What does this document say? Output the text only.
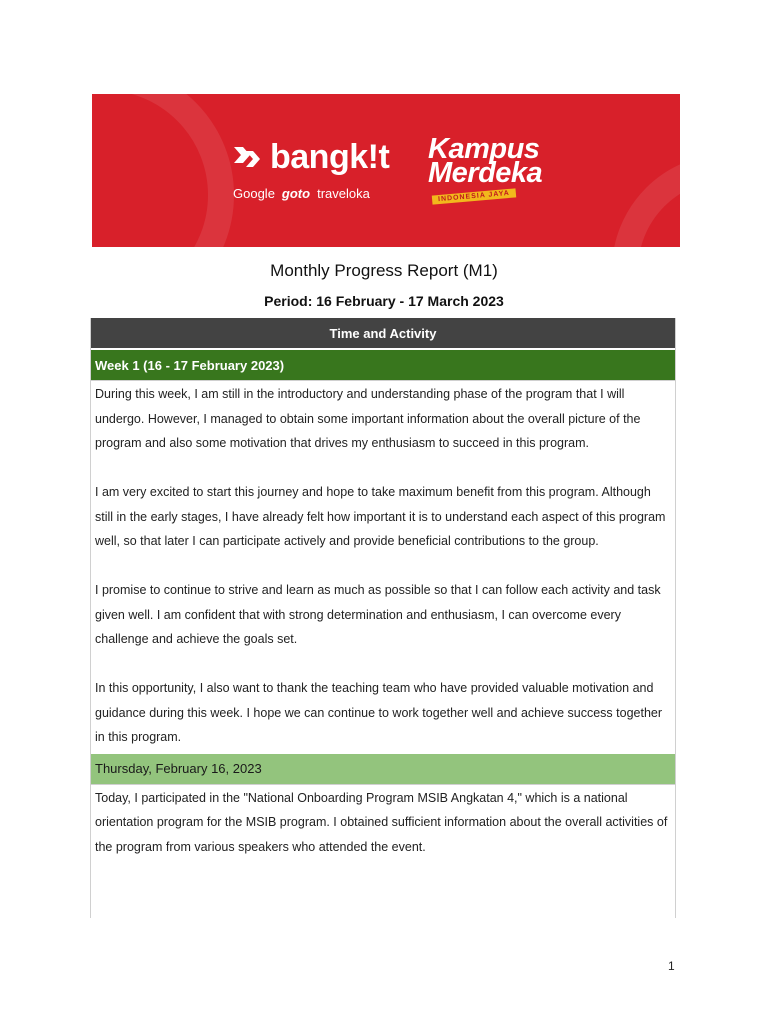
bangk!t
Google goto traveloka
Kampus
Merdeka
INDONESIA JAYA
Monthly Progress Report (M1)
Period: 16 February - 17 March 2023
Time and Activity
Week 1 (16 - 17 February 2023)

During this week, I am still in the introductory and understanding phase of the program that I will undergo. However, I managed to obtain some important information about the overall picture of the program and also some motivation that drives my enthusiasm to succeed in this program.

I am very excited to start this journey and hope to take maximum benefit from this program. Although still in the early stages, I have already felt how important it is to understand each aspect of this program well, so that later I can participate actively and provide beneficial contributions to the group.

I promise to continue to strive and learn as much as possible so that I can follow each activity and task given well. I am confident that with strong determination and enthusiasm, I can overcome every challenge and achieve the goals set.

In this opportunity, I also want to thank the teaching team who have provided valuable motivation and guidance during this week. I hope we can continue to work together well and achieve success together in this program.

Thursday, February 16, 2023

Today, I participated in the "National Onboarding Program MSIB Angkatan 4," which is a national orientation program for the MSIB program. I obtained sufficient information about the overall activities of the program from various speakers who attended the event.

1
